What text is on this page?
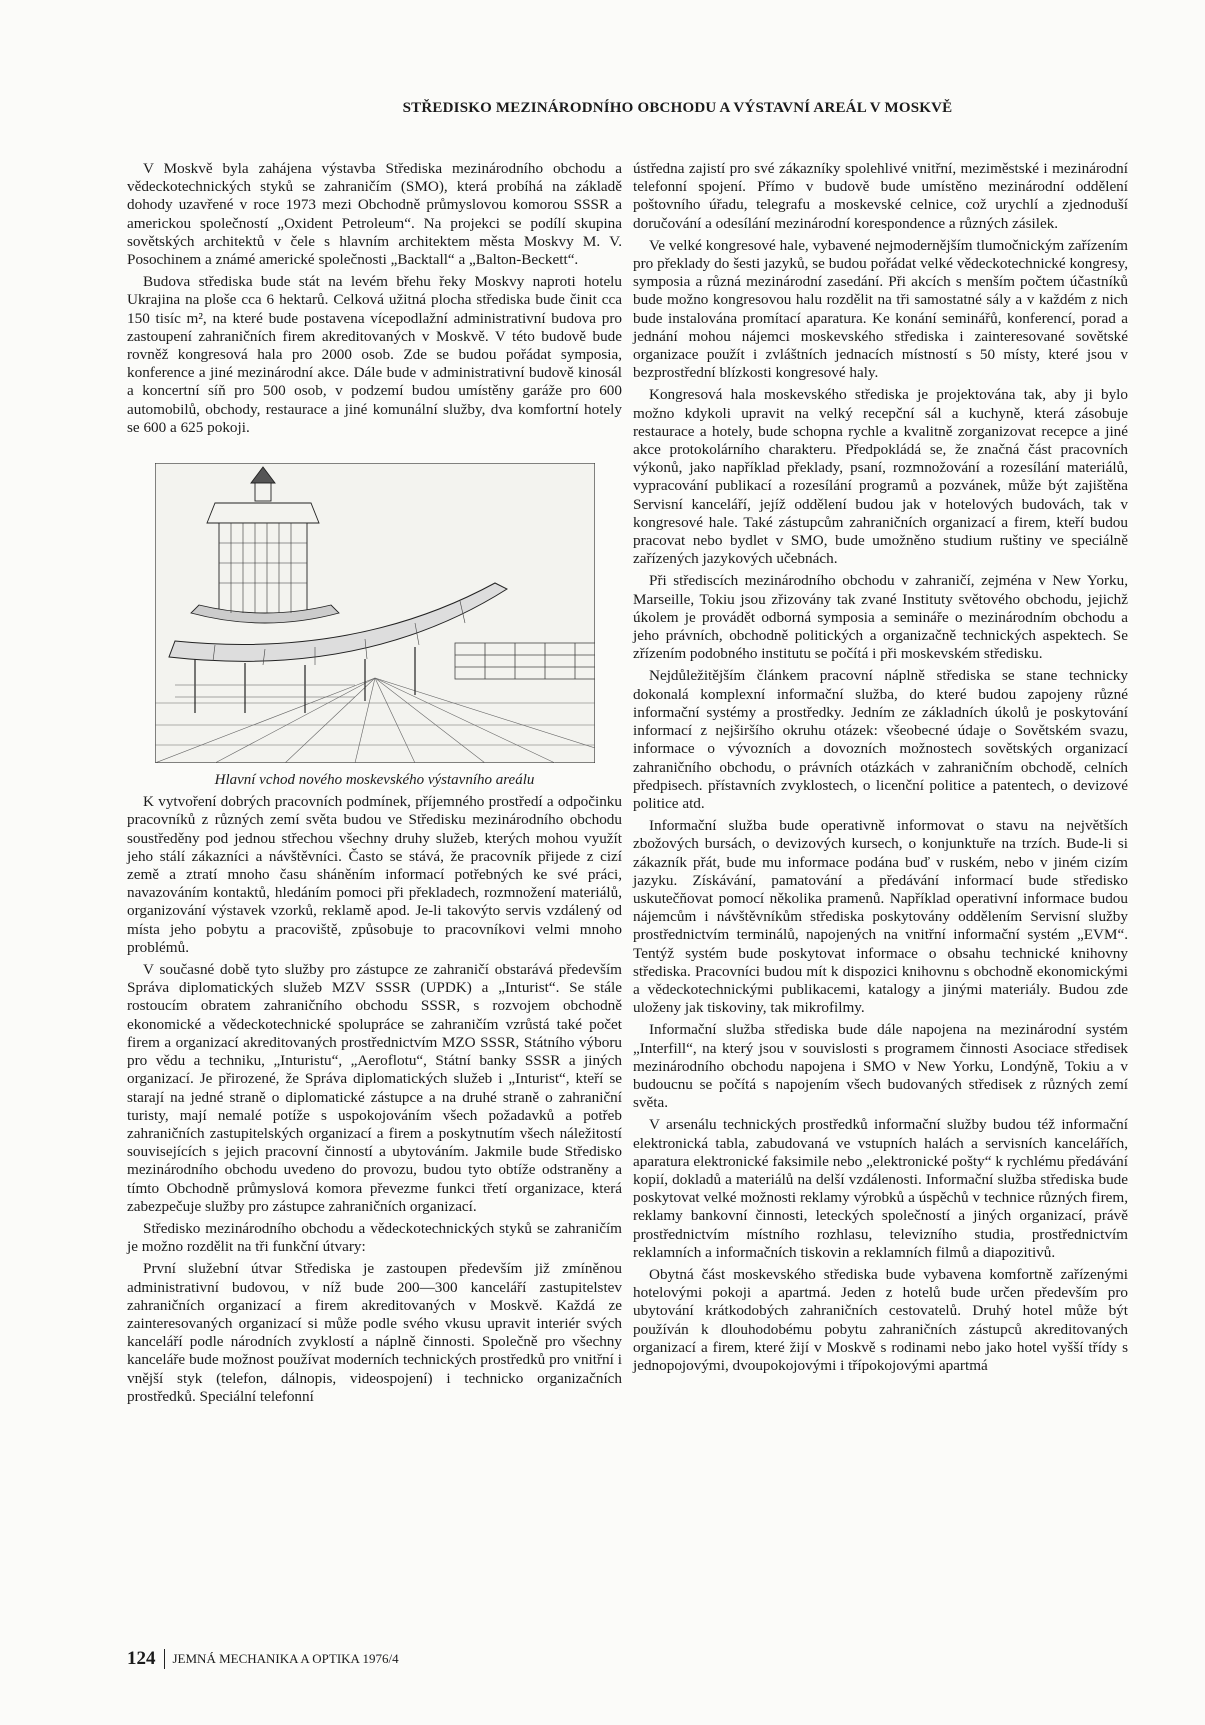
STŘEDISKO MEZINÁRODNÍHO OBCHODU A VÝSTAVNÍ AREÁL V MOSKVĚ

V Moskvě byla zahájena výstavba Střediska mezinárodního obchodu a vědeckotechnických styků se zahraničím (SMO), která probíhá na základě dohody uzavřené v roce 1973 mezi Obchodně průmyslovou komorou SSSR a americkou společností „Oxident Petroleum“. Na projekci se podílí skupina sovětských architektů v čele s hlavním architektem města Moskvy M. V. Posochinem a známé americké společnosti „Backtall“ a „Balton-Beckett“.

Budova střediska bude stát na levém břehu řeky Moskvy naproti hotelu Ukrajina na ploše cca 6 hektarů. Celková užitná plocha střediska bude činit cca 150 tisíc m², na které bude postavena vícepodlažní administrativní budova pro zastoupení zahraničních firem akreditovaných v Moskvě. V této budově bude rovněž kongresová hala pro 2000 osob. Zde se budou pořádat symposia, konference a jiné mezinárodní akce. Dále bude v administrativní budově kinosál a koncertní síň pro 500 osob, v podzemí budou umístěny garáže pro 600 automobilů, obchody, restaurace a jiné komunální služby, dva komfortní hotely se 600 a 625 pokoji.

Hlavní vchod nového moskevského výstavního areálu

K vytvoření dobrých pracovních podmínek, příjemného prostředí a odpočinku pracovníků z různých zemí světa budou ve Středisku mezinárodního obchodu soustředěny pod jednou střechou všechny druhy služeb, kterých mohou využít jeho stálí zákazníci a návštěvníci. Často se stává, že pracovník přijede z cizí země a ztratí mnoho času sháněním informací potřebných ke své práci, navazováním kontaktů, hledáním pomoci při překladech, rozmnožení materiálů, organizování výstavek vzorků, reklamě apod. Je-li takovýto servis vzdálený od místa jeho pobytu a pracoviště, způsobuje to pracovníkovi velmi mnoho problémů.

V současné době tyto služby pro zástupce ze zahraničí obstarává především Správa diplomatických služeb MZV SSSR (UPDK) a „Inturist“. Se stále rostoucím obratem zahraničního obchodu SSSR, s rozvojem obchodně ekonomické a vědeckotechnické spolupráce se zahraničím vzrůstá také počet firem a organizací akreditovaných prostřednictvím MZO SSSR, Státního výboru pro vědu a techniku, „Inturistu“, „Aeroflotu“, Státní banky SSSR a jiných organizací. Je přirozené, že Správa diplomatických služeb i „Inturist“, kteří se starají na jedné straně o diplomatické zástupce a na druhé straně o zahraniční turisty, mají nemalé potíže s uspokojováním všech požadavků a potřeb zahraničních zastupitelských organizací a firem a poskytnutím všech náležitostí souvisejících s jejich pracovní činností a ubytováním. Jakmile bude Středisko mezinárodního obchodu uvedeno do provozu, budou tyto obtíže odstraněny a tímto Obchodně průmyslová komora převezme funkci třetí organizace, která zabezpečuje služby pro zástupce zahraničních organizací.

Středisko mezinárodního obchodu a vědeckotechnických styků se zahraničím je možno rozdělit na tři funkční útvary:

První služební útvar Střediska je zastoupen především již zmíněnou administrativní budovou, v níž bude 200—300 kanceláří zastupitelstev zahraničních organizací a firem akreditovaných v Moskvě. Každá ze zainteresovaných organizací si může podle svého vkusu upravit interiér svých kanceláří podle národních zvyklostí a náplně činnosti. Společně pro všechny kanceláře bude možnost používat moderních technických prostředků pro vnitřní i vnější styk (telefon, dálnopis, videospojení) i technicko organizačních prostředků. Speciální telefonní

ústředna zajistí pro své zákazníky spolehlivé vnitřní, meziměstské i mezinárodní telefonní spojení. Přímo v budově bude umístěno mezinárodní oddělení poštovního úřadu, telegrafu a moskevské celnice, což urychlí a zjednoduší doručování a odesílání mezinárodní korespondence a různých zásilek.

Ve velké kongresové hale, vybavené nejmodernějším tlumočnickým zařízením pro překlady do šesti jazyků, se budou pořádat velké vědeckotechnické kongresy, symposia a různá mezinárodní zasedání. Při akcích s menším počtem účastníků bude možno kongresovou halu rozdělit na tři samostatné sály a v každém z nich bude instalována promítací aparatura. Ke konání seminářů, konferencí, porad a jednání mohou nájemci moskevského střediska i zainteresované sovětské organizace použít i zvláštních jednacích místností s 50 místy, které jsou v bezprostřední blízkosti kongresové haly.

Kongresová hala moskevského střediska je projektována tak, aby ji bylo možno kdykoli upravit na velký recepční sál a kuchyně, která zásobuje restaurace a hotely, bude schopna rychle a kvalitně zorganizovat recepce a jiné akce protokolárního charakteru. Předpokládá se, že značná část pracovních výkonů, jako například překlady, psaní, rozmnožování a rozesílání materiálů, vypracování publikací a rozesílání programů a pozvánek, může být zajištěna Servisní kanceláří, jejíž oddělení budou jak v hotelových budovách, tak v kongresové hale. Také zástupcům zahraničních organizací a firem, kteří budou pracovat nebo bydlet v SMO, bude umožněno studium ruštiny ve speciálně zařízených jazykových učebnách.

Při střediscích mezinárodního obchodu v zahraničí, zejména v New Yorku, Marseille, Tokiu jsou zřizovány tak zvané Instituty světového obchodu, jejichž úkolem je provádět odborná symposia a semináře o mezinárodním obchodu a jeho právních, obchodně politických a organizačně technických aspektech. Se zřízením podobného institutu se počítá i při moskevském středisku.

Nejdůležitějším článkem pracovní náplně střediska se stane technicky dokonalá komplexní informační služba, do které budou zapojeny různé informační systémy a prostředky. Jedním ze základních úkolů je poskytování informací z nejširšího okruhu otázek: všeobecné údaje o Sovětském svazu, informace o vývozních a dovozních možnostech sovětských organizací zahraničního obchodu, o právních otázkách v zahraničním obchodě, celních předpisech. přístavních zvyklostech, o licenční politice a patentech, o devizové politice atd.

Informační služba bude operativně informovat o stavu na největších zbožových bursách, o devizových kursech, o konjunktuře na trzích. Bude-li si zákazník přát, bude mu informace podána buď v ruském, nebo v jiném cizím jazyku. Získávání, pamatování a předávání informací bude středisko uskutečňovat pomocí několika pramenů. Například operativní informace budou nájemcům i návštěvníkům střediska poskytovány oddělením Servisní služby prostřednictvím terminálů, napojených na vnitřní informační systém „EVM“. Tentýž systém bude poskytovat informace o obsahu technické knihovny střediska. Pracovníci budou mít k dispozici knihovnu s obchodně ekonomickými a vědeckotechnickými publikacemi, katalogy a jinými materiály. Budou zde uloženy jak tiskoviny, tak mikrofilmy.

Informační služba střediska bude dále napojena na mezinárodní systém „Interfill“, na který jsou v souvislosti s programem činnosti Asociace středisek mezinárodního obchodu napojena i SMO v New Yorku, Londýně, Tokiu a v budoucnu se počítá s napojením všech budovaných středisek z různých zemí světa.

V arsenálu technických prostředků informační služby budou též informační elektronická tabla, zabudovaná ve vstupních halách a servisních kancelářích, aparatura elektronické faksimile nebo „elektronické pošty“ k rychlému předávání kopií, dokladů a materiálů na delší vzdálenosti. Informační služba střediska bude poskytovat velké možnosti reklamy výrobků a úspěchů v technice různých firem, reklamy bankovní činnosti, leteckých společností a jiných organizací, právě prostřednictvím místního rozhlasu, televizního studia, prostřednictvím reklamních a informačních tiskovin a reklamních filmů a diapozitivů.

Obytná část moskevského střediska bude vybavena komfortně zařízenými hotelovými pokoji a apartmá. Jeden z hotelů bude určen především pro ubytování krátkodobých zahraničních cestovatelů. Druhý hotel může být používán k dlouhodobému pobytu zahraničních zástupců akreditovaných organizací a firem, které žijí v Moskvě s rodinami nebo jako hotel vyšší třídy s jednopojovými, dvoupokojovými i třípokojovými apartmá

124 JEMNÁ MECHANIKA A OPTIKA 1976/4
